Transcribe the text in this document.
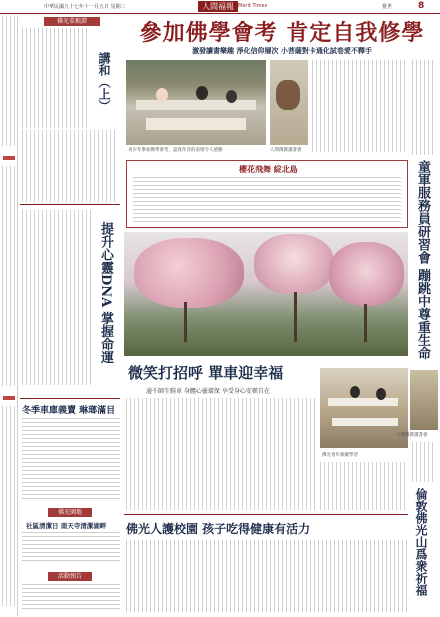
中華民國九十七年十一月五日 星期三	人間福報 Merit Times	覺世	8
佛光菜根譚
講和（上）
提升心靈DNA 掌握命運
冬季車庫義賣 琳瑯滿目
佛光園地
社區清潔日 南天寺清潔湖畔
活動預告
參加佛學會考 肯定自我修學
激發讀書樂趣 淨化信仰層次 小菩薩對卡通化試卷愛不釋手
青少年參加佛學會考，認真作答的表情令人感動	人間佛教讀書會
櫻花飛舞 綻北島
微笑打招呼 單車迎幸福
逾千師生騎車 身體心靈環保 享受身心安頓自在
佛光青年相聚學習
佛光人護校園 孩子吃得健康有活力
童軍服務員研習會 蹦跳中尊重生命
人間佛教讀書會
倫敦佛光山爲衆祈福
